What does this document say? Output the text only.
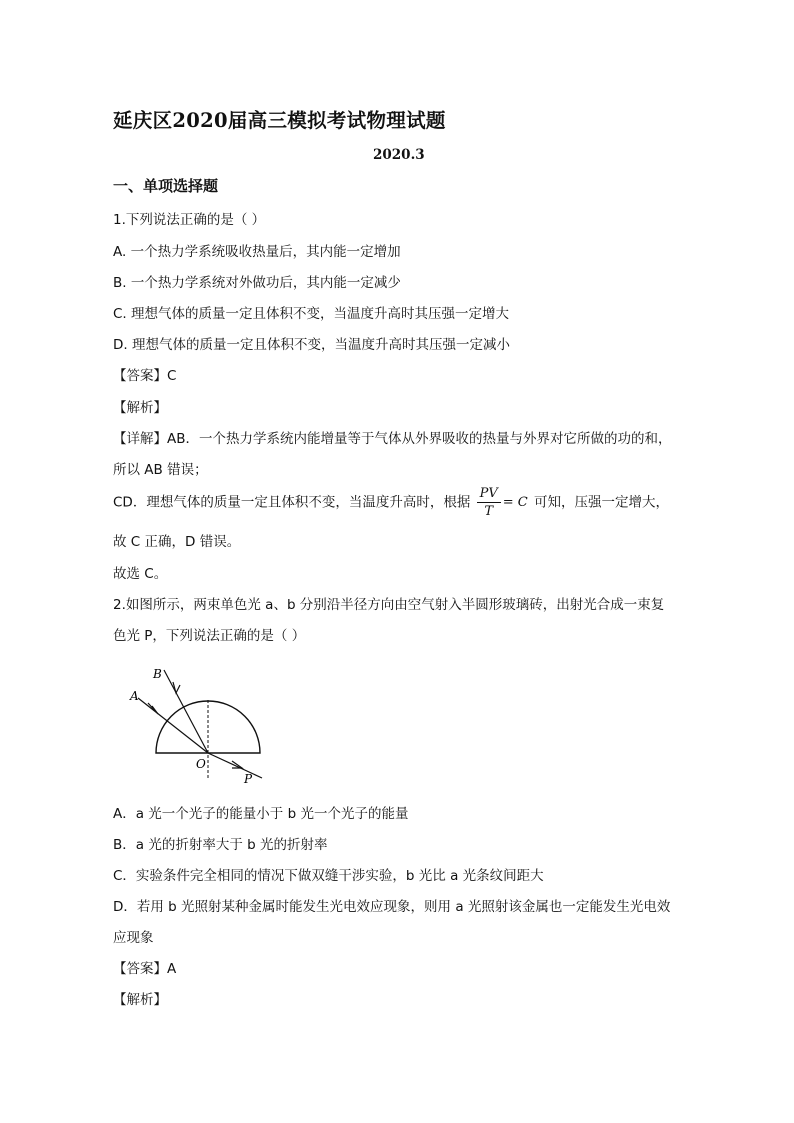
延庆区2020届高三模拟考试物理试题
2020.3
一、单项选择题
1.下列说法正确的是（ ）
A. 一个热力学系统吸收热量后，其内能一定增加
B. 一个热力学系统对外做功后，其内能一定减少
C. 理想气体的质量一定且体积不变，当温度升高时其压强一定增大
D. 理想气体的质量一定且体积不变，当温度升高时其压强一定减小
【答案】C
【解析】
【详解】AB．一个热力学系统内能增量等于气体从外界吸收的热量与外界对它所做的功的和，
所以 AB 错误；
CD．理想气体的质量一定且体积不变，当温度升高时，根据 $\frac{PV}{T} = C$ 可知，压强一定增大，
故 C 正确，D 错误。
故选 C。
2.如图所示，两束单色光 a、b 分别沿半径方向由空气射入半圆形玻璃砖，出射光合成一束复
色光 P，下列说法正确的是（ ）
B
A
O
P
A．a 光一个光子的能量小于 b 光一个光子的能量
B．a 光的折射率大于 b 光的折射率
C．实验条件完全相同的情况下做双缝干涉实验，b 光比 a 光条纹间距大
D．若用 b 光照射某种金属时能发生光电效应现象，则用 a 光照射该金属也一定能发生光电效
应现象
【答案】A
【解析】
